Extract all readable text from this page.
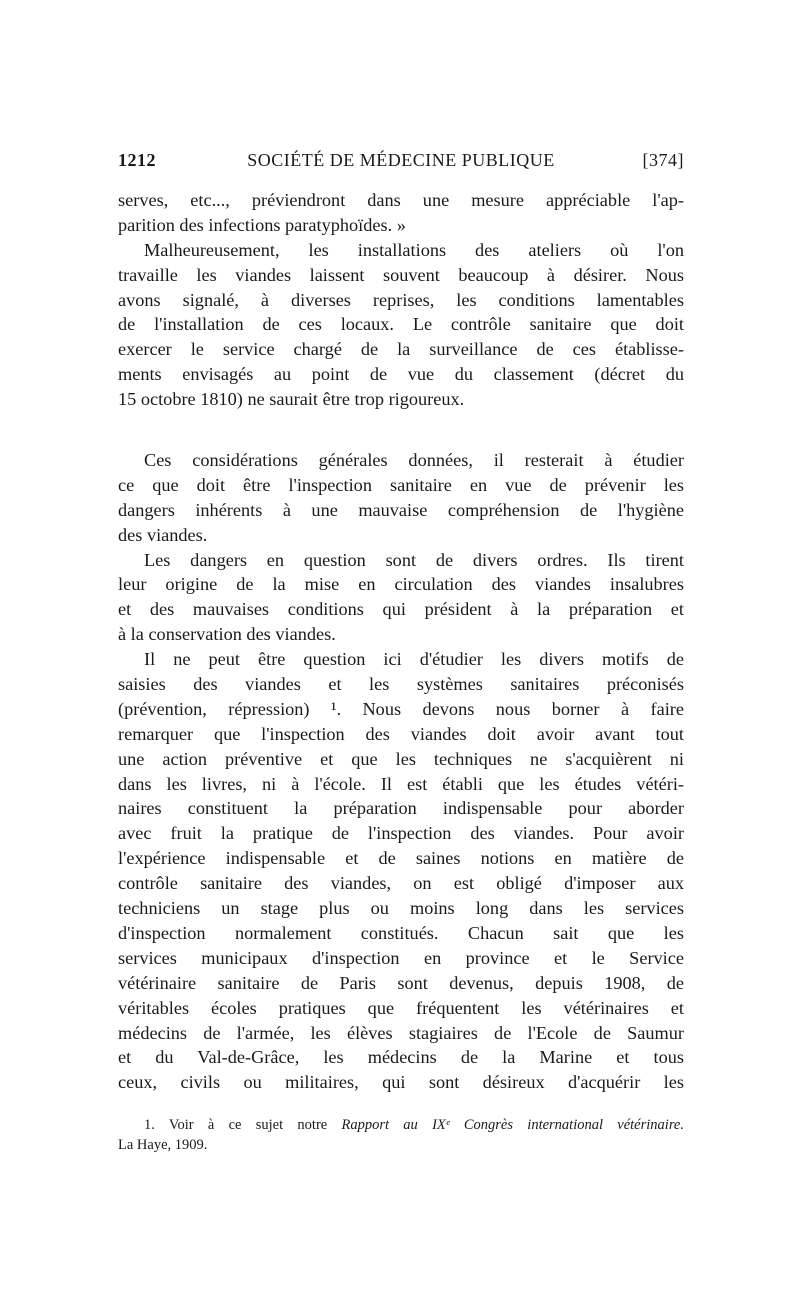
1212	SOCIÉTÉ DE MÉDECINE PUBLIQUE	[374]
serves, etc..., préviendront dans une mesure appréciable l'ap-
parition des infections paratyphoïdes. »
Malheureusement, les installations des ateliers où l'on
travaille les viandes laissent souvent beaucoup à désirer. Nous
avons signalé, à diverses reprises, les conditions lamentables
de l'installation de ces locaux. Le contrôle sanitaire que doit
exercer le service chargé de la surveillance de ces établisse-
ments envisagés au point de vue du classement (décret du
15 octobre 1810) ne saurait être trop rigoureux.
Ces considérations générales données, il resterait à étudier
ce que doit être l'inspection sanitaire en vue de prévenir les
dangers inhérents à une mauvaise compréhension de l'hygiène
des viandes.
Les dangers en question sont de divers ordres. Ils tirent
leur origine de la mise en circulation des viandes insalubres
et des mauvaises conditions qui président à la préparation et
à la conservation des viandes.
Il ne peut être question ici d'étudier les divers motifs de
saisies des viandes et les systèmes sanitaires préconisés
(prévention, répression) ¹. Nous devons nous borner à faire
remarquer que l'inspection des viandes doit avoir avant tout
une action préventive et que les techniques ne s'acquièrent ni
dans les livres, ni à l'école. Il est établi que les études vétéri-
naires constituent la préparation indispensable pour aborder
avec fruit la pratique de l'inspection des viandes. Pour avoir
l'expérience indispensable et de saines notions en matière de
contrôle sanitaire des viandes, on est obligé d'imposer aux
techniciens un stage plus ou moins long dans les services
d'inspection normalement constitués. Chacun sait que les
services municipaux d'inspection en province et le Service
vétérinaire sanitaire de Paris sont devenus, depuis 1908, de
véritables écoles pratiques que fréquentent les vétérinaires et
médecins de l'armée, les élèves stagiaires de l'Ecole de Saumur
et du Val-de-Grâce, les médecins de la Marine et tous
ceux, civils ou militaires, qui sont désireux d'acquérir les
1. Voir à ce sujet notre Rapport au IXᵉ Congrès international vétérinaire.
La Haye, 1909.
